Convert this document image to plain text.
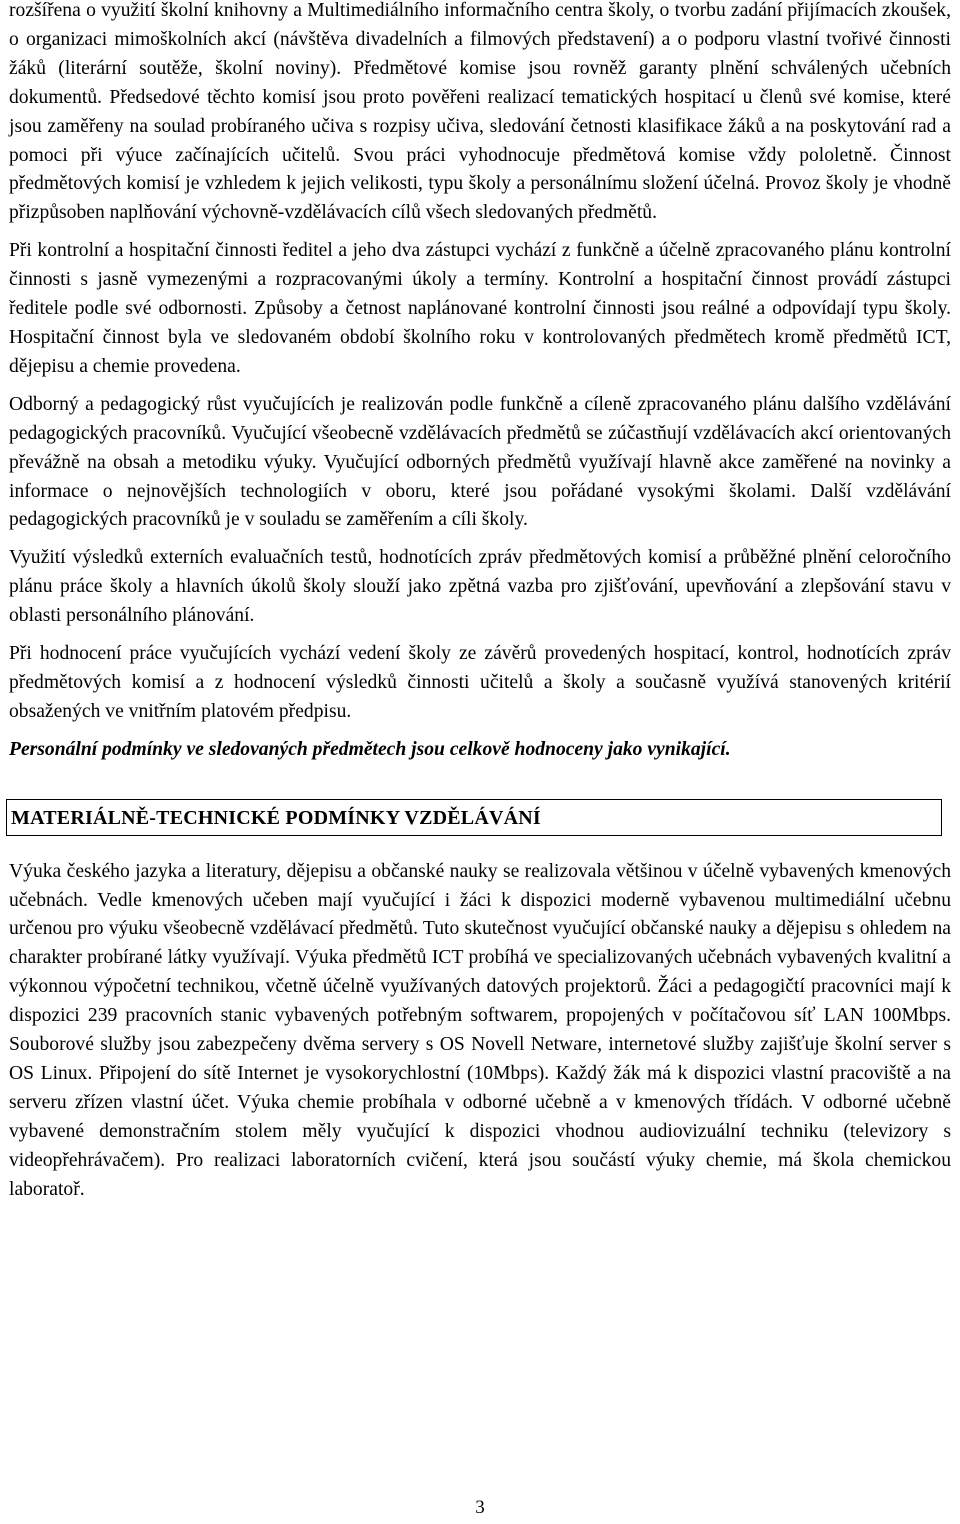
rozšířena o využití školní knihovny a Multimediálního informačního centra školy, o tvorbu zadání přijímacích zkoušek, o organizaci mimoškolních akcí (návštěva divadelních a filmových představení) a o podporu vlastní tvořivé činnosti žáků (literární soutěže, školní noviny). Předmětové komise jsou rovněž garanty plnění schválených učebních dokumentů. Předsedové těchto komisí jsou proto pověřeni realizací tematických hospitací u členů své komise, které jsou zaměřeny na soulad probíraného učiva s rozpisy učiva, sledování četnosti klasifikace žáků a na poskytování rad a pomoci při výuce začínajících učitelů. Svou práci vyhodnocuje předmětová komise vždy pololetně. Činnost předmětových komisí je vzhledem k jejich velikosti, typu školy a personálnímu složení účelná. Provoz školy je vhodně přizpůsoben naplňování výchovně-vzdělávacích cílů všech sledovaných předmětů.

Při kontrolní a hospitační činnosti ředitel a jeho dva zástupci vychází z funkčně a účelně zpracovaného plánu kontrolní činnosti s jasně vymezenými a rozpracovanými úkoly a termíny. Kontrolní a hospitační činnost provádí zástupci ředitele podle své odbornosti. Způsoby a četnost naplánované kontrolní činnosti jsou reálné a odpovídají typu školy. Hospitační činnost byla ve sledovaném období školního roku v kontrolovaných předmětech kromě předmětů ICT, dějepisu a chemie provedena.

Odborný a pedagogický růst vyučujících je realizován podle funkčně a cíleně zpracovaného plánu dalšího vzdělávání pedagogických pracovníků. Vyučující všeobecně vzdělávacích předmětů se zúčastňují vzdělávacích akcí orientovaných převážně na obsah a metodiku výuky. Vyučující odborných předmětů využívají hlavně akce zaměřené na novinky a informace o nejnovějších technologiích v oboru, které jsou pořádané vysokými školami. Další vzdělávání pedagogických pracovníků je v souladu se zaměřením a cíli školy.

Využití výsledků externích evaluačních testů, hodnotících zpráv předmětových komisí a průběžné plnění celoročního plánu práce školy a hlavních úkolů školy slouží jako zpětná vazba pro zjišťování, upevňování a zlepšování stavu v oblasti personálního plánování.

Při hodnocení práce vyučujících vychází vedení školy ze závěrů provedených hospitací, kontrol, hodnotících zpráv předmětových komisí a z hodnocení výsledků činnosti učitelů a školy a současně využívá stanovených kritérií obsažených ve vnitřním platovém předpisu.

Personální podmínky ve sledovaných předmětech jsou celkově hodnoceny jako vynikající.

MATERIÁLNĚ-TECHNICKÉ PODMÍNKY VZDĚLÁVÁNÍ

Výuka českého jazyka a literatury, dějepisu a občanské nauky se realizovala většinou v účelně vybavených kmenových učebnách. Vedle kmenových učeben mají vyučující i žáci k dispozici moderně vybavenou multimediální učebnu určenou pro výuku všeobecně vzdělávací předmětů. Tuto skutečnost vyučující občanské nauky a dějepisu s ohledem na charakter probírané látky využívají. Výuka předmětů ICT probíhá ve specializovaných učebnách vybavených kvalitní a výkonnou výpočetní technikou, včetně účelně využívaných datových projektorů. Žáci a pedagogičtí pracovníci mají k dispozici 239 pracovních stanic vybavených potřebným softwarem, propojených v počítačovou síť LAN 100Mbps. Souborové služby jsou zabezpečeny dvěma servery s OS Novell Netware, internetové služby zajišťuje školní server s OS Linux. Připojení do sítě Internet je vysokorychlostní (10Mbps). Každý žák má k dispozici vlastní pracoviště a na serveru zřízen vlastní účet. Výuka chemie probíhala v odborné učebně a v kmenových třídách. V odborné učebně vybavené demonstračním stolem měly vyučující k dispozici vhodnou audiovizuální techniku (televizory s videopřehrávačem). Pro realizaci laboratorních cvičení, která jsou součástí výuky chemie, má škola chemickou laboratoř.

3
